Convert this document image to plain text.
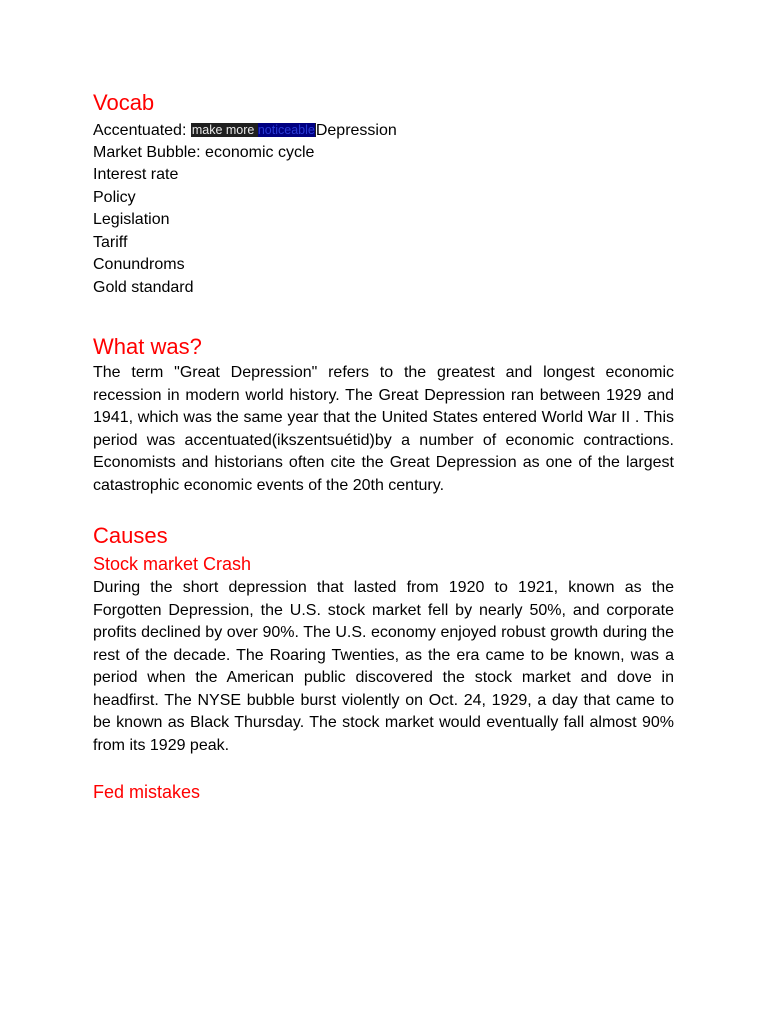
Vocab
Accentuated: make more noticeableDepression
Market Bubble: economic cycle
Interest rate
Policy
Legislation
Tariff
Conundroms
Gold standard
What was?

The term "Great Depression" refers to the greatest and longest economic recession in modern world history. The Great Depression ran between 1929 and 1941, which was the same year that the United States entered World War II . This period was accentuated(ikszentsuétid)by a number of economic contractions. Economists and historians often cite the Great Depression as one of the largest catastrophic economic events of the 20th century.

Causes
Stock market Crash

During the short depression that lasted from 1920 to 1921, known as the Forgotten Depression, the U.S. stock market fell by nearly 50%, and corporate profits declined by over 90%. The U.S. economy enjoyed robust growth during the rest of the decade. The Roaring Twenties, as the era came to be known, was a period when the American public discovered the stock market and dove in headfirst. The NYSE bubble burst violently on Oct. 24, 1929, a day that came to be known as Black Thursday. The stock market would eventually fall almost 90% from its 1929 peak.

Fed mistakes
